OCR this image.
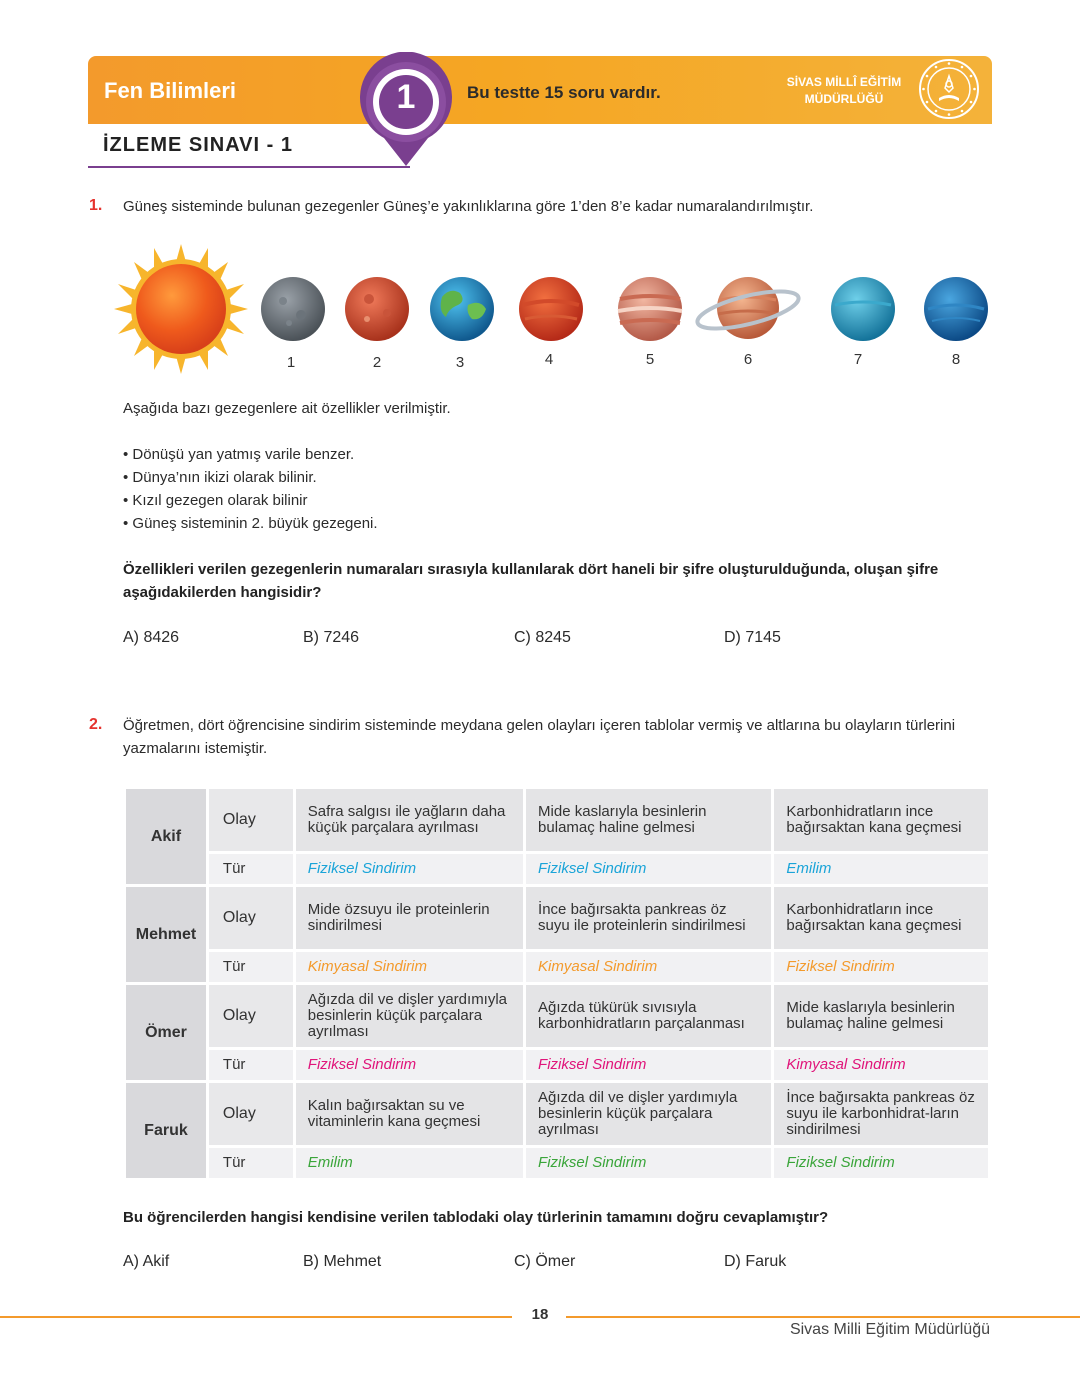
Fen Bilimleri	Bu testte 15 soru vardır.
SİVAS MİLLÎ EĞİTİM
MÜDÜRLÜĞÜ
1
İZLEME SINAVI - 1
1. Güneş sisteminde bulunan gezegenler Güneş’e yakınlıklarına göre 1’den 8’e kadar numaralandırılmıştır.
1	2	3	4	5	6	7	8
Aşağıda bazı gezegenlere ait özellikler verilmiştir.
• Dönüşü yan yatmış varile benzer.
• Dünya’nın ikizi olarak bilinir.
• Kızıl gezegen olarak bilinir
• Güneş sisteminin 2. büyük gezegeni.
Özellikleri verilen gezegenlerin numaraları sırasıyla kullanılarak dört haneli bir şifre oluşturulduğunda, oluşan şifre aşağıdakilerden hangisidir?
A) 8426	B) 7246	C) 8245	D) 7145
2. Öğretmen, dört öğrencisine sindirim sisteminde meydana gelen olayları içeren tablolar vermiş ve altlarına bu olayların türlerini yazmalarını istemiştir.
Akif	Olay	Safra salgısı ile yağların daha küçük parçalara ayrılması	Mide kaslarıyla besinlerin bulamaç haline gelmesi	Karbonhidratların ince bağırsaktan kana geçmesi
	Tür	Fiziksel Sindirim	Fiziksel Sindirim	Emilim
Mehmet	Olay	Mide özsuyu ile proteinlerin sindirilmesi	İnce bağırsakta pankreas öz suyu ile proteinlerin sindirilmesi	Karbonhidratların ince bağırsaktan kana geçmesi
	Tür	Kimyasal Sindirim	Kimyasal Sindirim	Fiziksel Sindirim
Ömer	Olay	Ağızda dil ve dişler yardımıyla besinlerin küçük parçalara ayrılması	Ağızda tükürük sıvısıyla karbonhidratların parçalanması	Mide kaslarıyla besinlerin bulamaç haline gelmesi
	Tür	Fiziksel Sindirim	Fiziksel Sindirim	Kimyasal Sindirim
Faruk	Olay	Kalın bağırsaktan su ve vitaminlerin kana geçmesi	Ağızda dil ve dişler yardımıyla besinlerin küçük parçalara ayrılması	İnce bağırsakta pankreas öz suyu ile karbonhidrat-ların sindirilmesi
	Tür	Emilim	Fiziksel Sindirim	Fiziksel Sindirim
Bu öğrencilerden hangisi kendisine verilen tablodaki olay türlerinin tamamını doğru cevaplamıştır?
A) Akif	B) Mehmet	C) Ömer	D) Faruk
18
Sivas Milli Eğitim Müdürlüğü
